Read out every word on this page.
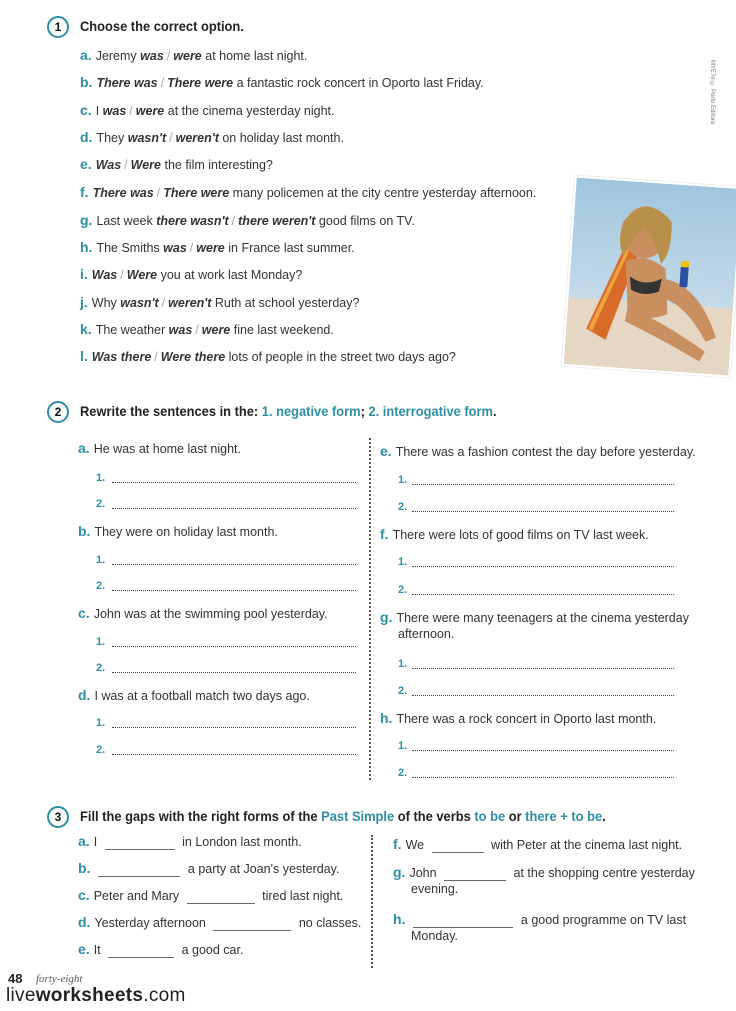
1	Choose the correct option.
a. Jeremy was / were at home last night.
b. There was / There were a fantastic rock concert in Oporto last Friday.
c. I was / were at the cinema yesterday night.
d. They wasn't / weren't on holiday last month.
e. Was / Were the film interesting?
f. There was / There were many policemen at the city centre yesterday afternoon.
g. Last week there wasn't / there weren't good films on TV.
h. The Smiths was / were in France last summer.
i. Was / Were you at work last Monday?
j. Why wasn't / weren't Ruth at school yesterday?
k. The weather was / were fine last weekend.
l. Was there / Were there lots of people in the street two days ago?
MYE7e © Porto Editora
2	Rewrite the sentences in the: 1. negative form; 2. interrogative form.
a. He was at home last night.
1.
2.
b. They were on holiday last month.
1.
2.
c. John was at the swimming pool yesterday.
1.
2.
d. I was at a football match two days ago.
1.
2.
e. There was a fashion contest the day before yesterday.
1.
2.
f. There were lots of good films on TV last week.
1.
2.
g. There were many teenagers at the cinema yesterday
afternoon.
1.
2.
h. There was a rock concert in Oporto last month.
1.
2.
3	Fill the gaps with the right forms of the Past Simple of the verbs to be or there + to be.
a. I	in London last month.
b.	a party at Joan's yesterday.
c. Peter and Mary	tired last night.
d. Yesterday afternoon	no classes.
e. It	a good car.
f. We	with Peter at the cinema last night.
g. John	at the shopping centre yesterday
evening.
h.	a good programme on TV last
Monday.
48 forty-eight
liveworksheets.com
